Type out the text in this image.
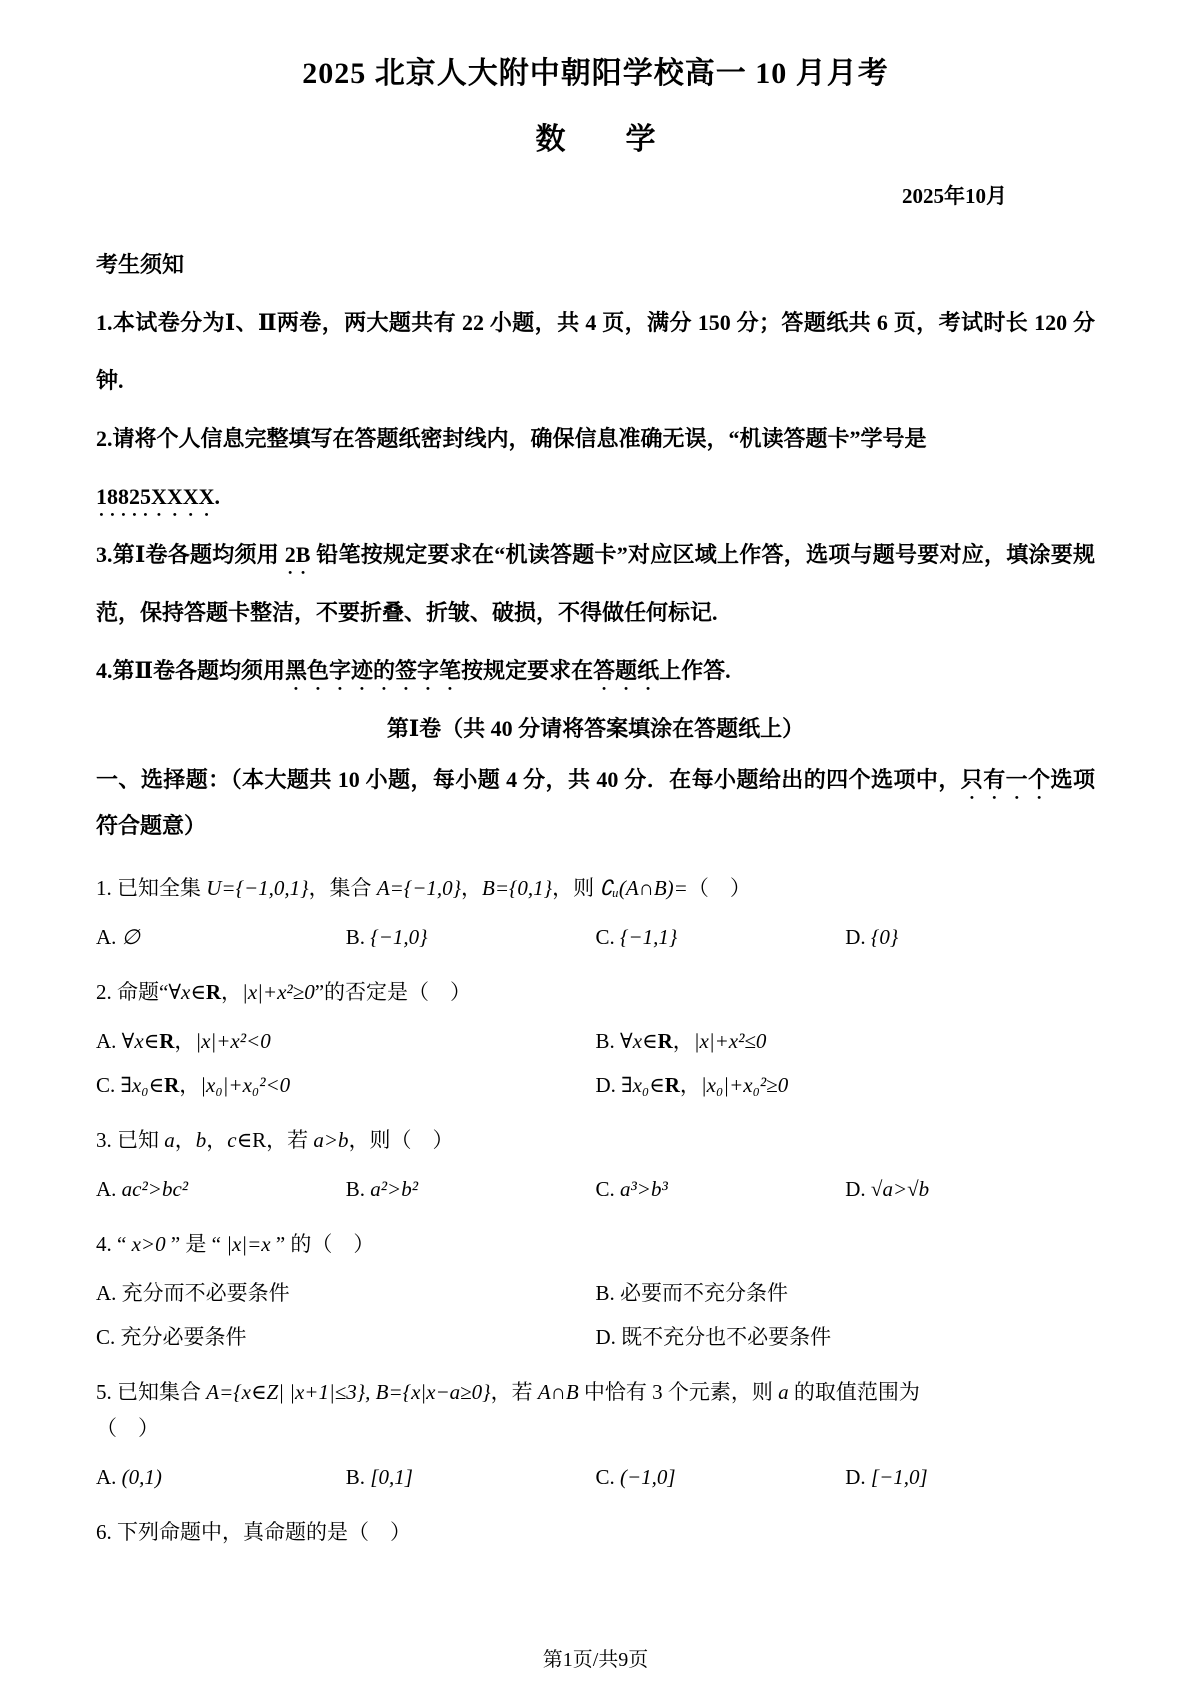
2025 北京人大附中朝阳学校高一 10 月月考

数　　学

2025年10月

考生须知

1.本试卷分为Ⅰ、Ⅱ两卷，两大题共有 22 小题，共 4 页，满分 150 分；答题纸共 6 页，考试时长 120 分钟.

2.请将个人信息完整填写在答题纸密封线内，确保信息准确无误，“机读答题卡”学号是

18825XXXX.

3.第Ⅰ卷各题均须用 2B 铅笔按规定要求在“机读答题卡”对应区域上作答，选项与题号要对应，填涂要规范，保持答题卡整洁，不要折叠、折皱、破损，不得做任何标记.

4.第Ⅱ卷各题均须用黑色字迹的签字笔按规定要求在答题纸上作答.

第Ⅰ卷（共 40 分请将答案填涂在答题纸上）

一、选择题：（本大题共 10 小题，每小题 4 分，共 40 分．在每小题给出的四个选项中，只有一个选项符合题意）

1. 已知全集 U={−1,0,1}，集合 A={−1,0}，B={0,1}，则 ∁ᵤ(A∩B)=（　）

A. ∅	B. {−1,0}	C. {−1,1}	D. {0}

2. 命题“∀x∈R，|x|+x²≥0”的否定是（　）

A. ∀x∈R，|x|+x²<0	B. ∀x∈R，|x|+x²≤0
C. ∃x₀∈R，|x₀|+x₀²<0	D. ∃x₀∈R，|x₀|+x₀²≥0

3. 已知 a，b，c∈R，若 a>b，则（　）

A. ac²>bc²	B. a²>b²	C. a³>b³	D. √a>√b

4. “ x>0 ” 是 “ |x|=x ” 的（　）

A. 充分而不必要条件	B. 必要而不充分条件
C. 充分必要条件	D. 既不充分也不必要条件

5. 已知集合 A={x∈Z| |x+1|≤3}, B={x|x−a≥0}，若 A∩B 中恰有 3 个元素，则 a 的取值范围为

（　）

A. (0,1)	B. [0,1]	C. (−1,0]	D. [−1,0]

6. 下列命题中，真命题的是（　）

第1页/共9页
